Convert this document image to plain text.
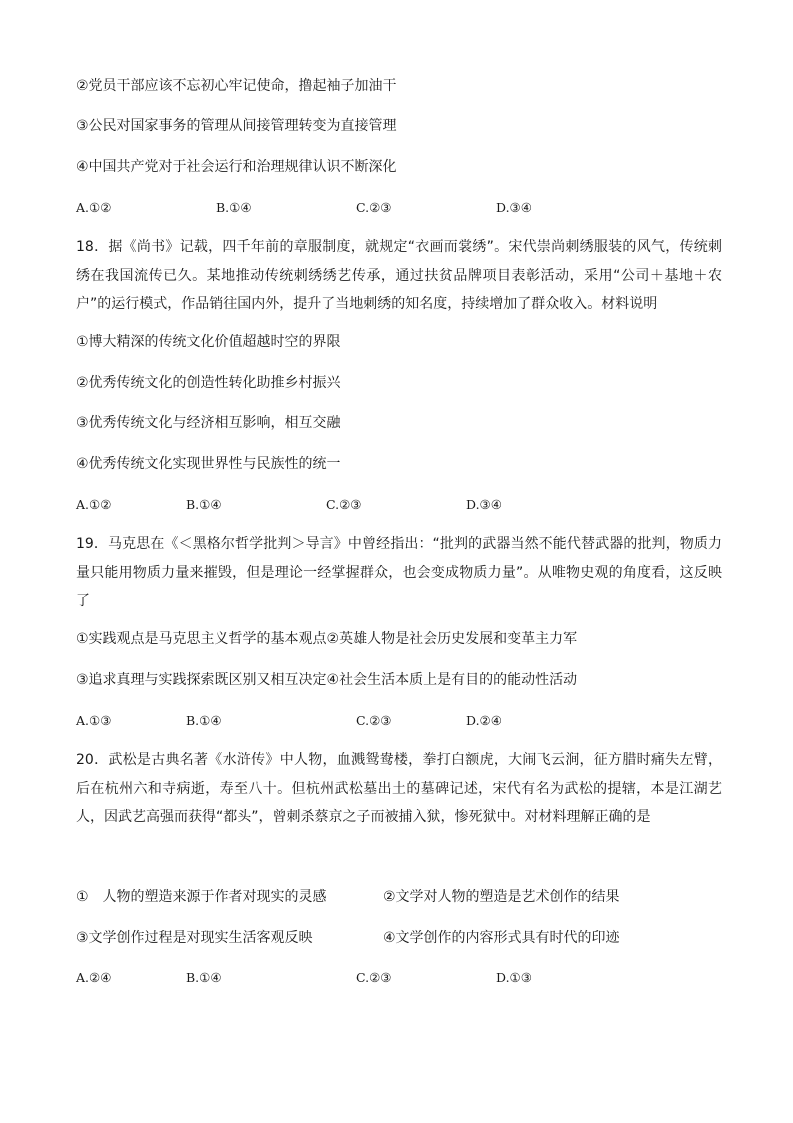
②党员干部应该不忘初心牢记使命，撸起袖子加油干
③公民对国家事务的管理从间接管理转变为直接管理
④中国共产党对于社会运行和治理规律认识不断深化
A.①②	B.①④	C.②③	D.③④
18．据《尚书》记载，四千年前的章服制度，就规定“衣画而裳绣”。宋代崇尚刺绣服装的风气，传统刺绣在我国流传已久。某地推动传统刺绣绣艺传承，通过扶贫品牌项目表彰活动，采用“公司＋基地＋农户”的运行模式，作品销往国内外，提升了当地刺绣的知名度，持续增加了群众收入。材料说明
①博大精深的传统文化价值超越时空的界限
②优秀传统文化的创造性转化助推乡村振兴
③优秀传统文化与经济相互影响，相互交融
④优秀传统文化实现世界性与民族性的统一
A.①②	B.①④	C.②③	D.③④
19．马克思在《＜黑格尔哲学批判＞导言》中曾经指出：“批判的武器当然不能代替武器的批判，物质力量只能用物质力量来摧毁，但是理论一经掌握群众，也会变成物质力量”。从唯物史观的角度看，这反映了
①实践观点是马克思主义哲学的基本观点②英雄人物是社会历史发展和变革主力军
③追求真理与实践探索既区别又相互决定④社会生活本质上是有目的的能动性活动
A.①③	B.①④	C.②③	D.②④
20．武松是古典名著《水浒传》中人物，血溅鸳鸯楼，拳打白额虎，大闹飞云涧，征方腊时痛失左臂，后在杭州六和寺病逝，寿至八十。但杭州武松墓出土的墓碑记述，宋代有名为武松的提辖，本是江湖艺人，因武艺高强而获得“都头”，曾刺杀蔡京之子而被捕入狱，惨死狱中。对材料理解正确的是
①　人物的塑造来源于作者对现实的灵感	②文学对人物的塑造是艺术创作的结果
③文学创作过程是对现实生活客观反映	④文学创作的内容形式具有时代的印迹
A.②④	B.①④	C.②③	D.①③
